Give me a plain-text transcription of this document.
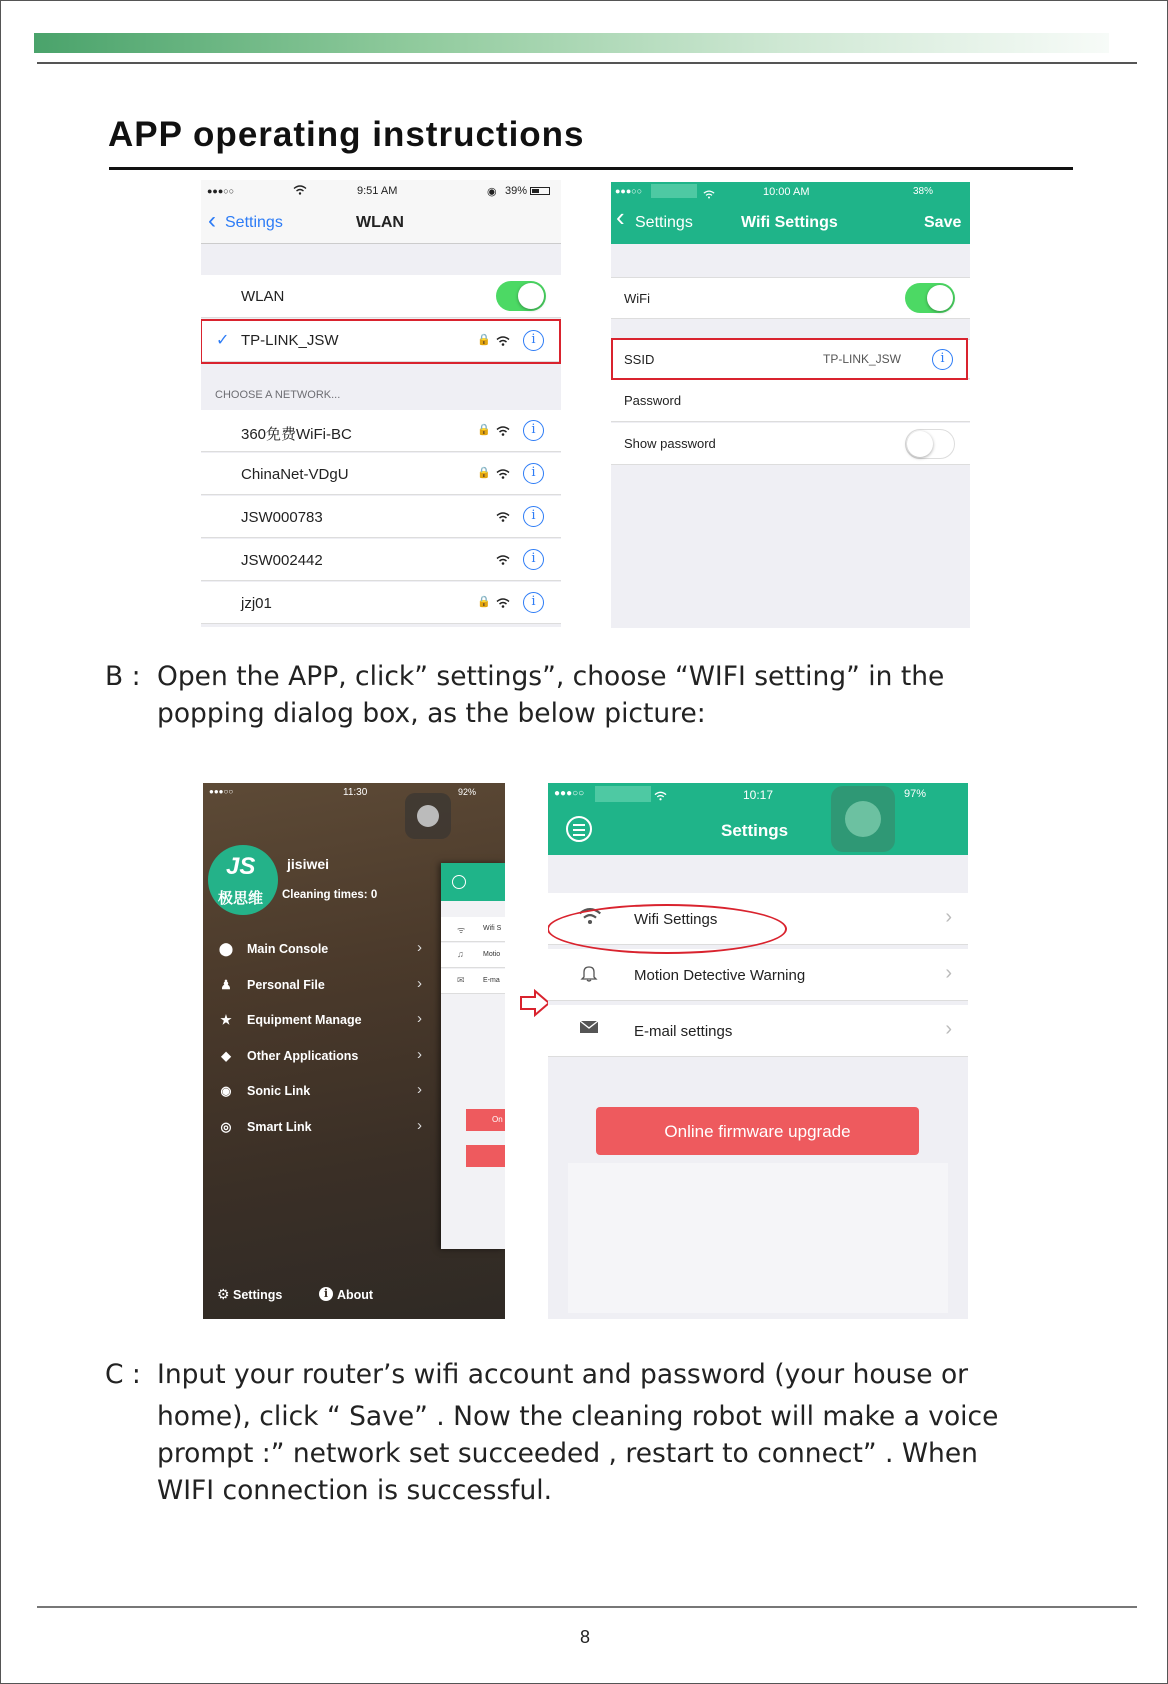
APP operating instructions
●●●○○	9:51 AM	◉ 39%
‹ Settings	WLAN
WLAN
✓ TP-LINK_JSW	🔒	i
CHOOSE A NETWORK...
360免费WiFi-BC	🔒	i
ChinaNet-VDgU	🔒	i
JSW000783	i
JSW002442	i
jzj01	🔒	i
●●●○○	10:00 AM	38%
‹ Settings	Wifi Settings	Save
WiFi
SSID	TP-LINK_JSW	i
Password
Show password
B : Open the APP, click” settings”, choose “WIFI setting” in the
popping dialog box, as the below picture:
●●●○○	11:30	92%
JS
极思维
jisiwei
Cleaning times: 0
⬤ Main Console	›
♟ Personal File	›
★ Equipment Manage	›
◆ Other Applications	›
◉ Sonic Link	›
◎ Smart Link	›
⚙ Settings	i About
ᯤ	Wifi S
♫	Motio
✉	E-ma
On
●●●○○	10:17	97%
Settings
Wifi Settings	›
Motion Detective Warning	›
E-mail settings	›
Online firmware upgrade
C : Input your router’s wifi account and password (your house or
home), click “ Save” . Now the cleaning robot will make a voice
prompt :” network set succeeded , restart to connect” . When
WIFI connection is successful.
8
